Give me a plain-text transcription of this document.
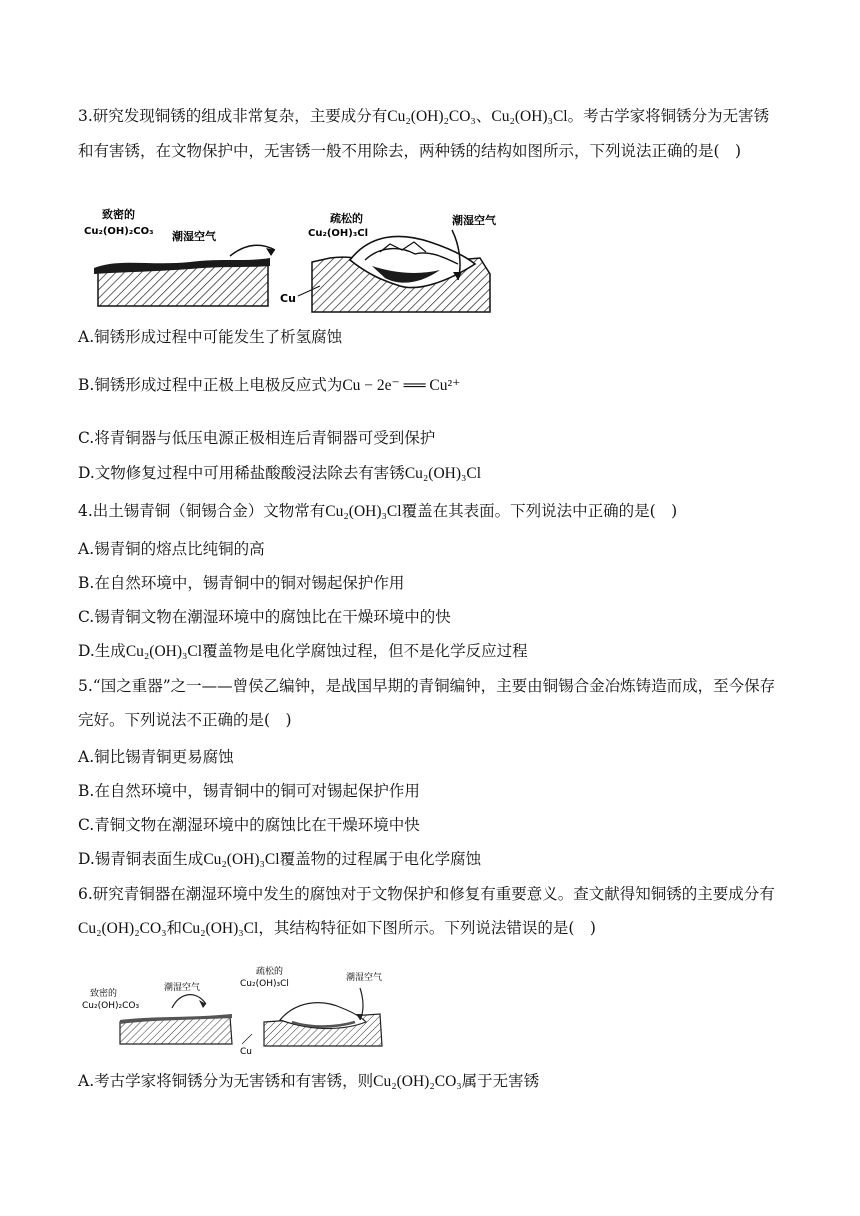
3.研究发现铜锈的组成非常复杂，主要成分有Cu₂(OH)₂CO₃、Cu₂(OH)₃Cl。考古学家将铜锈分为无害锈和有害锈，在文物保护中，无害锈一般不用除去，两种锈的结构如图所示，下列说法正确的是(　)
致密的
Cu₂(OH)₂CO₃ 潮湿空气
疏松的
Cu₂(OH)₃Cl
潮湿空气
Cu
A.铜锈形成过程中可能发生了析氢腐蚀
B.铜锈形成过程中正极上电极反应式为Cu − 2e⁻ ══ Cu²⁺
C.将青铜器与低压电源正极相连后青铜器可受到保护
D.文物修复过程中可用稀盐酸酸浸法除去有害锈Cu₂(OH)₃Cl
4.出土锡青铜（铜锡合金）文物常有Cu₂(OH)₃Cl覆盖在其表面。下列说法中正确的是(　)
A.锡青铜的熔点比纯铜的高
B.在自然环境中，锡青铜中的铜对锡起保护作用
C.锡青铜文物在潮湿环境中的腐蚀比在干燥环境中的快
D.生成Cu₂(OH)₃Cl覆盖物是电化学腐蚀过程，但不是化学反应过程
5.“国之重器”之一——曾侯乙编钟，是战国早期的青铜编钟，主要由铜锡合金冶炼铸造而成，至今保存完好。下列说法不正确的是(　)
A.铜比锡青铜更易腐蚀
B.在自然环境中，锡青铜中的铜可对锡起保护作用
C.青铜文物在潮湿环境中的腐蚀比在干燥环境中快
D.锡青铜表面生成Cu₂(OH)₃Cl覆盖物的过程属于电化学腐蚀
6.研究青铜器在潮湿环境中发生的腐蚀对于文物保护和修复有重要意义。查文献得知铜锈的主要成分有Cu₂(OH)₂CO₃和Cu₂(OH)₃Cl，其结构特征如下图所示。下列说法错误的是(　)
致密的
Cu₂(OH)₂CO₃
潮湿空气
疏松的
Cu₂(OH)₃Cl
潮湿空气
Cu
A.考古学家将铜锈分为无害锈和有害锈，则Cu₂(OH)₂CO₃属于无害锈
